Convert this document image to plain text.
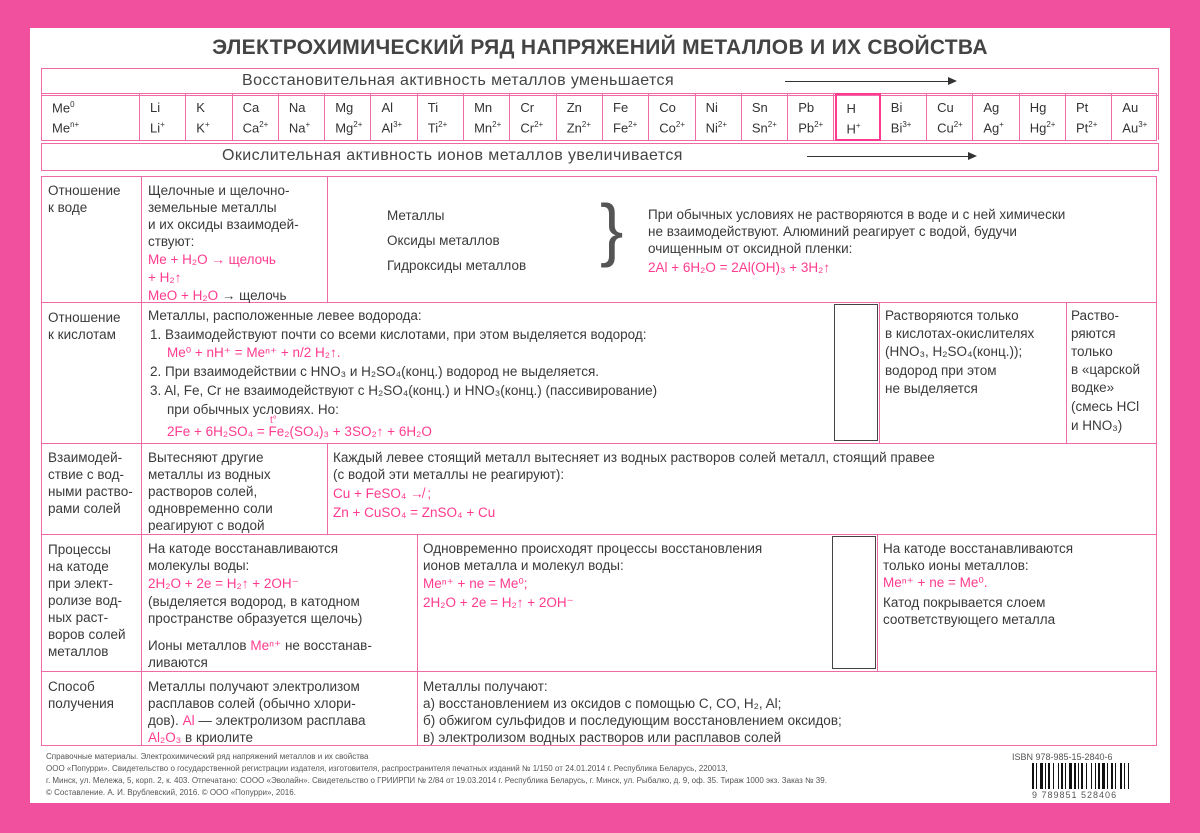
ЭЛЕКТРОХИМИЧЕСКИЙ РЯД НАПРЯЖЕНИЙ МЕТАЛЛОВ И ИХ СВОЙСТВА
Восстановительная активность металлов уменьшается
Me$^0$
$Me^{n+}$
Li
Li+
K
K+
Ca
$Ca^{2+}$
Na
Na+
Mg
$Mg^{2+}$
Al
$Al^{3+}$
Ti
$Ti^{2+}$
Mn
$Mn^{2+}$
Cr
$Cr^{2+}$
Zn
$Zn^{2+}$
Fe
$Fe^{2+}$
Co
$Co^{2+}$
Ni
$Ni^{2+}$
Sn
$Sn^{2+}$
Pb
$Pb^{2+}$
H
H+
Bi
$Bi^{3+}$
Cu
$Cu^{2+}$
Ag
Ag+
Hg
$Hg^{2+}$
Pt
$Pt^{2+}$
Au
$Au^{3+}$
Окислительная активность ионов металлов увеличивается
Отношение
к воде
Щелочные и щелочно-
земельные металлы
и их оксиды взаимодей-
ствуют:
Me + H₂O → щелочь
+ H₂↑
MeO + H₂O → щелочь
Металлы
Оксиды металлов
Гидроксиды металлов } При обычных условиях не растворяются в воде и с ней химически
не взаимодействуют. Алюминий реагирует с водой, будучи
очищенным от оксидной пленки:
2Al + 6H₂O = 2Al(OH)₃ + 3H₂↑
Отношение
к кислотам
Металлы, расположенные левее водорода:
1. Взаимодействуют почти со всеми кислотами, при этом выделяется водород:
Me⁰ + nH⁺ = Meⁿ⁺ + n/2 H₂↑.
2. При взаимодействии с HNO₃ и H₂SO₄(конц.) водород не выделяется.
3. Al, Fe, Cr не взаимодействуют с H₂SO₄(конц.) и HNO₃(конц.) (пассивирование)
при обычных условиях. Но:
t°
2Fe + 6H₂SO₄ = Fe₂(SO₄)₃ + 3SO₂↑ + 6H₂O
Растворяются только
в кислотах-окислителях
(HNO₃, H₂SO₄(конц.));
водород при этом
не выделяется
Раство-
ряются
только
в «царской
водке»
(смесь HCl
и HNO₃)
Взаимодей-
ствие с вод-
ными раство-
рами солей
Вытесняют другие
металлы из водных
растворов солей,
одновременно соли
реагируют с водой
Каждый левее стоящий металл вытесняет из водных растворов солей металл, стоящий правее
(с водой эти металлы не реагируют):
Cu + FeSO₄ ↛ ;
Zn + CuSO₄ = ZnSO₄ + Cu
Процессы
на катоде
при элект-
ролизе вод-
ных раст-
воров солей
металлов
На катоде восстанавливаются
молекулы воды:
2H₂O + 2e = H₂↑ + 2OH⁻
(выделяется водород, в катодном
пространстве образуется щелочь)
Ионы металлов Meⁿ⁺ не восстанав-
ливаются
Одновременно происходят процессы восстановления
ионов металла и молекул воды:
Meⁿ⁺ + ne = Me⁰;
2H₂O + 2e = H₂↑ + 2OH⁻
На катоде восстанавливаются
только ионы металлов:
Meⁿ⁺ + ne = Me⁰.
Катод покрывается слоем
соответствующего металла
Способ
получения
Металлы получают электролизом
расплавов солей (обычно хлори-
дов). Al — электролизом расплава
Al₂O₃ в криолите
Металлы получают:
а) восстановлением из оксидов с помощью C, CO, H₂, Al;
б) обжигом сульфидов и последующим восстановлением оксидов;
в) электролизом водных растворов или расплавов солей
Справочные материалы. Электрохимический ряд напряжений металлов и их свойства
ООО «Попурри». Свидетельство о государственной регистрации издателя, изготовителя, распространителя печатных изданий № 1/150 от 24.01.2014 г. Республика Беларусь, 220013,
г. Минск, ул. Мележа, 5, корп. 2, к. 403. Отпечатано: СООО «Эволайн». Свидетельство о ГРИИРПИ № 2/84 от 19.03.2014 г. Республика Беларусь, г. Минск, ул. Рыбалко, д. 9, оф. 35. Тираж 1000 экз. Заказ № 39.
© Составление. А. И. Врублевский, 2016. © ООО «Попурри», 2016.
ISBN 978-985-15-2840-6
9 789851 528406
